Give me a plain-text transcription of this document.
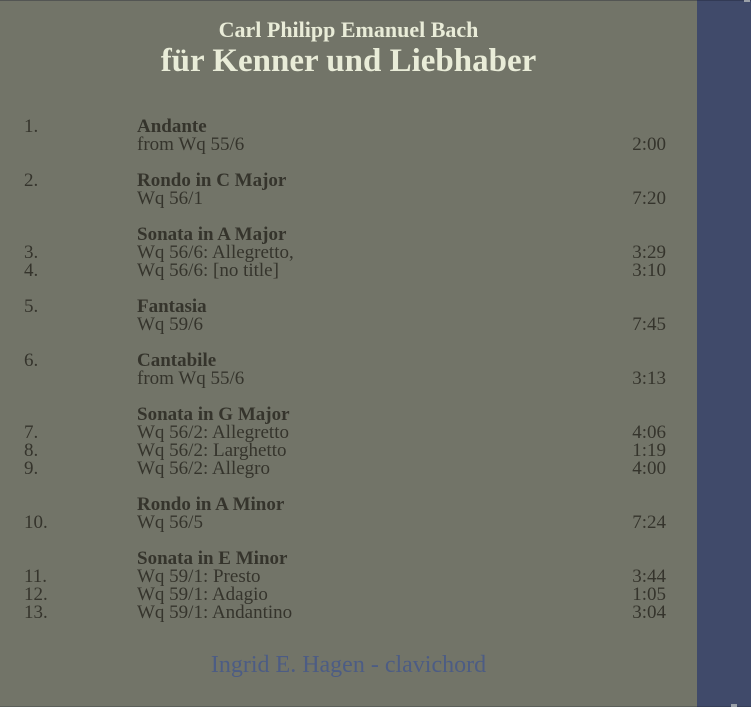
Carl Philipp Emanuel Bach
für Kenner und Liebhaber
1.	Andante
from Wq 55/6	2:00
2.	Rondo in C Major
Wq 56/1	7:20
Sonata in A Major
3.	Wq 56/6: Allegretto,	3:29
4.	Wq 56/6: [no title]	3:10
5.	Fantasia
Wq 59/6	7:45
6.	Cantabile
from Wq 55/6	3:13
Sonata in G Major
7.	Wq 56/2: Allegretto	4:06
8.	Wq 56/2: Larghetto	1:19
9.	Wq 56/2: Allegro	4:00
Rondo in A Minor
10.	Wq 56/5	7:24
Sonata in E Minor
11.	Wq 59/1: Presto	3:44
12.	Wq 59/1: Adagio	1:05
13.	Wq 59/1: Andantino	3:04
Ingrid E. Hagen - clavichord
